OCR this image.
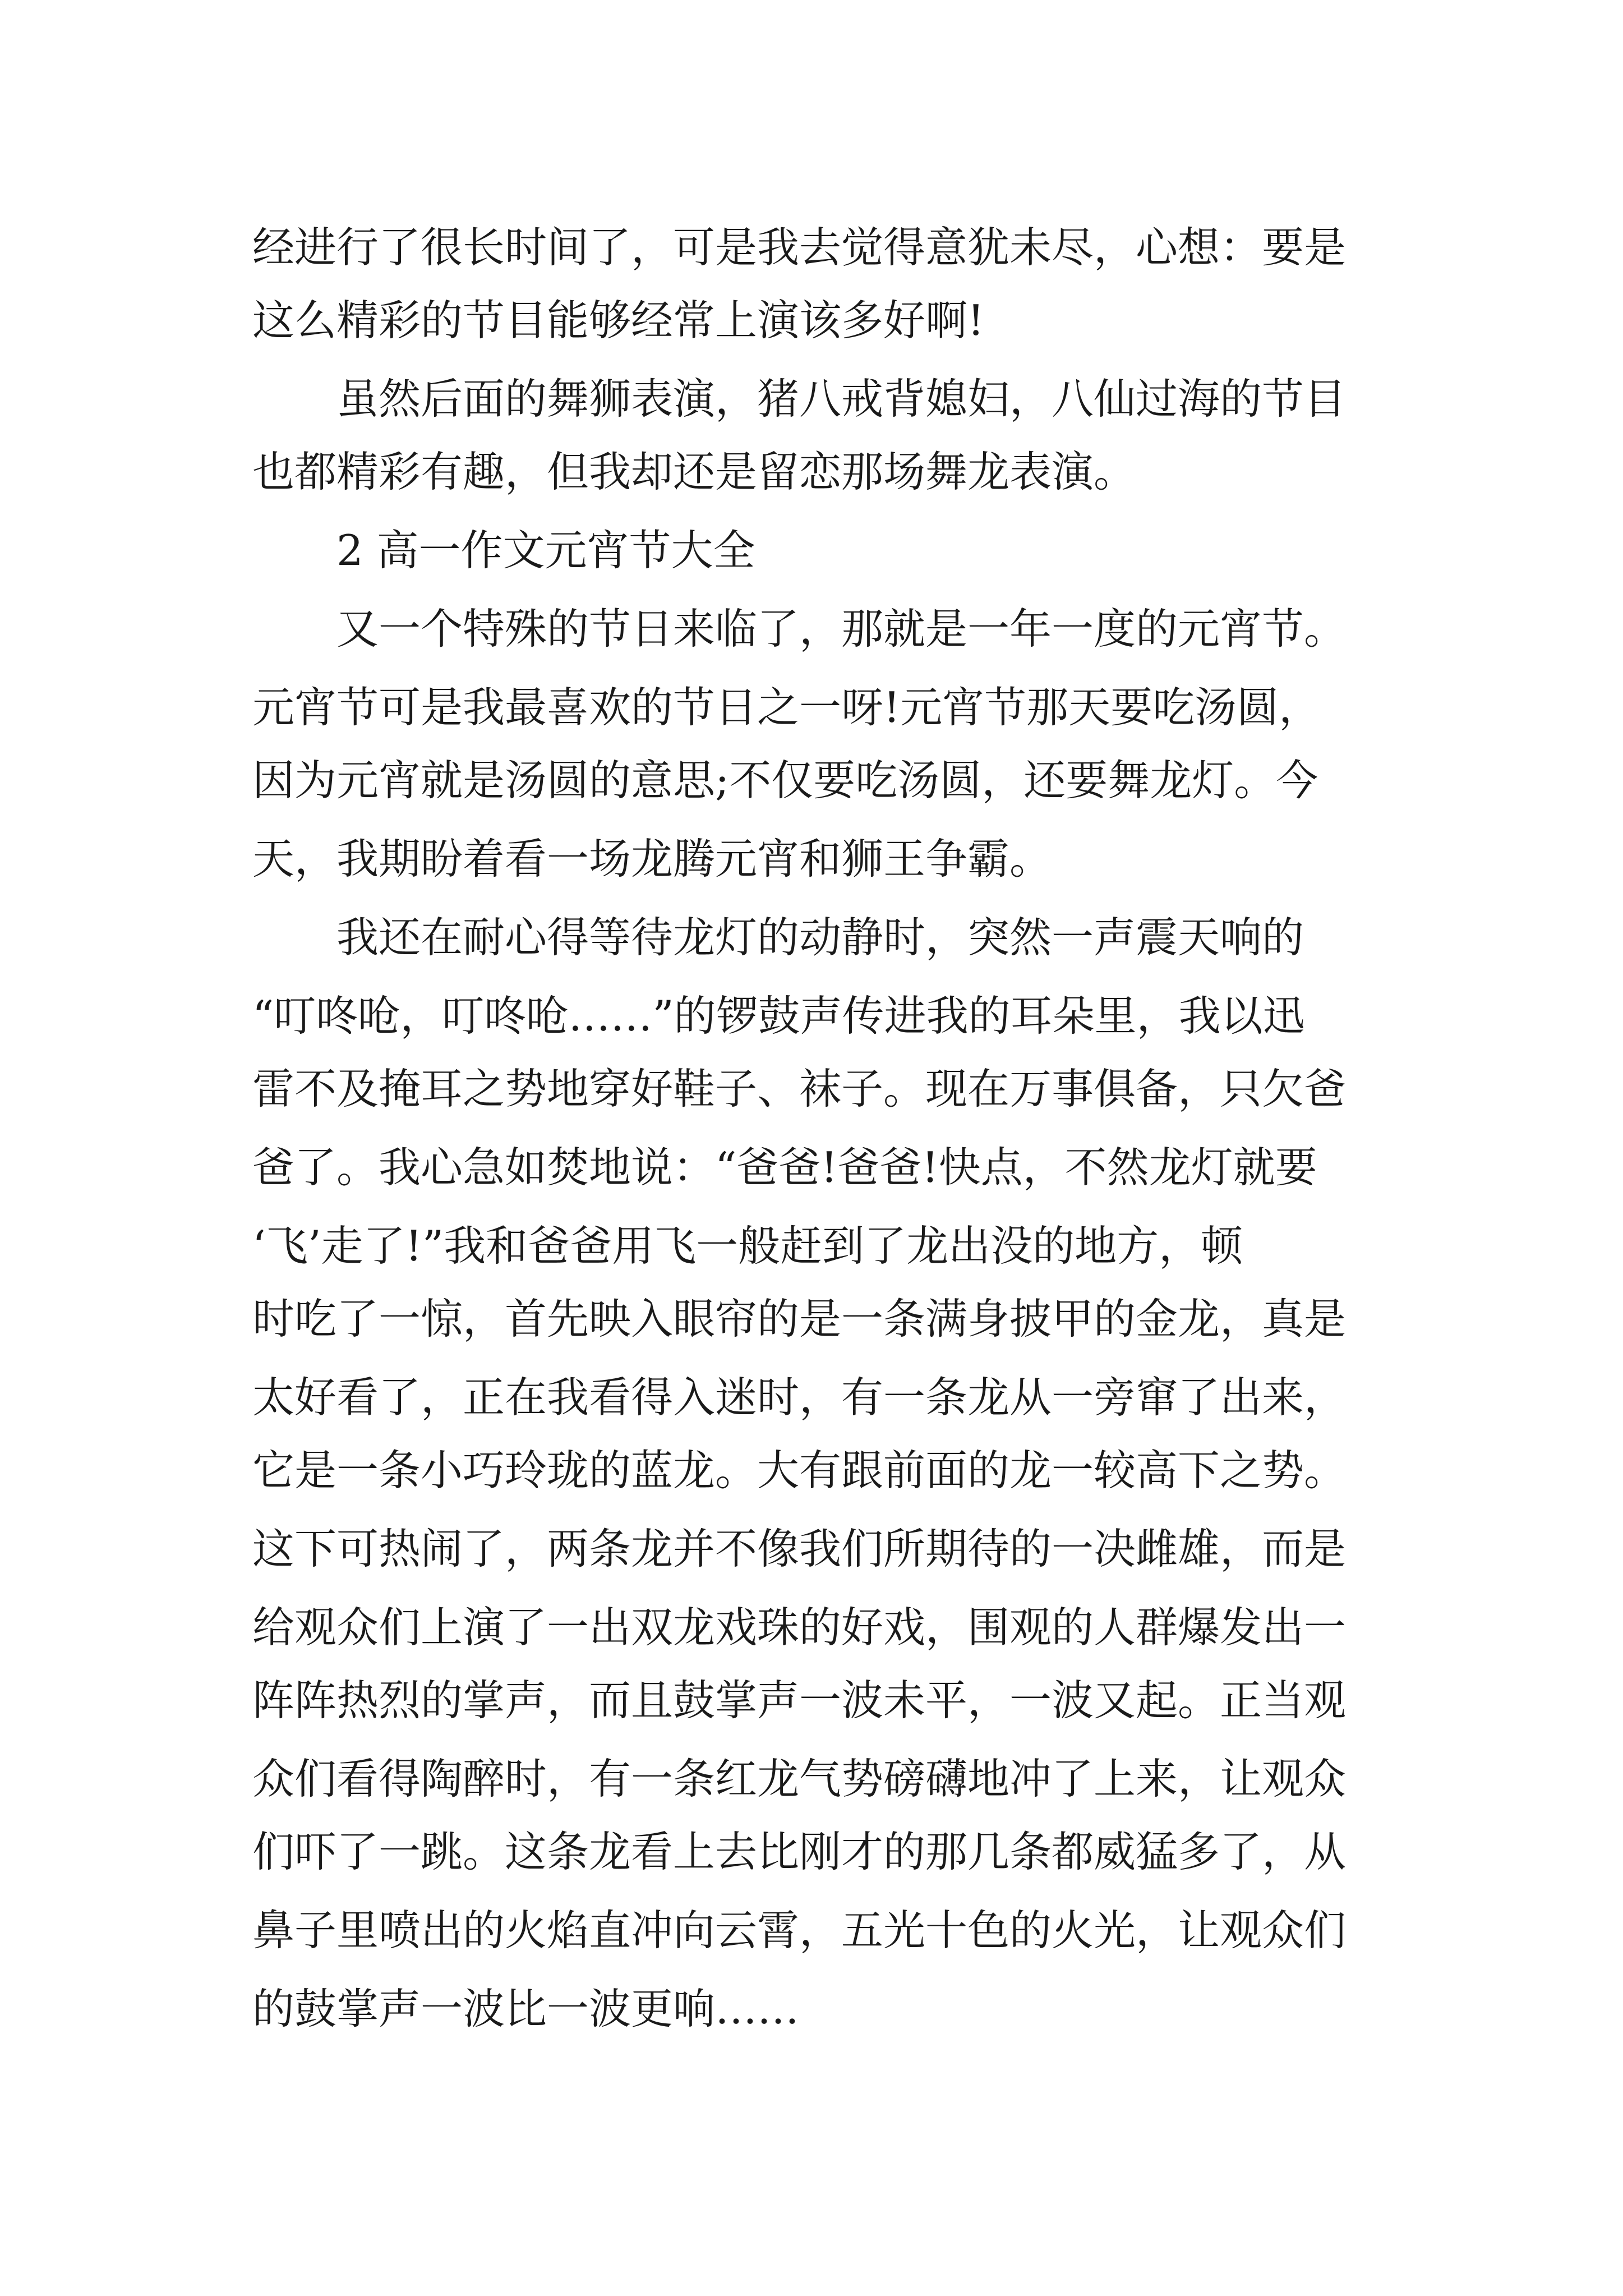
经进行了很长时间了，可是我去觉得意犹未尽，心想：要是
这么精彩的节目能够经常上演该多好啊!
虽然后面的舞狮表演，猪八戒背媳妇，八仙过海的节目
也都精彩有趣，但我却还是留恋那场舞龙表演。
2 高一作文元宵节大全
又一个特殊的节日来临了，那就是一年一度的元宵节。
元宵节可是我最喜欢的节日之一呀!元宵节那天要吃汤圆，
因为元宵就是汤圆的意思;不仅要吃汤圆，还要舞龙灯。今
天，我期盼着看一场龙腾元宵和狮王争霸。
我还在耐心得等待龙灯的动静时，突然一声震天响的
“叮咚呛，叮咚呛……”的锣鼓声传进我的耳朵里，我以迅
雷不及掩耳之势地穿好鞋子、袜子。现在万事俱备，只欠爸
爸了。我心急如焚地说：“爸爸!爸爸!快点，不然龙灯就要
‘飞’走了!”我和爸爸用飞一般赶到了龙出没的地方，顿
时吃了一惊，首先映入眼帘的是一条满身披甲的金龙，真是
太好看了，正在我看得入迷时，有一条龙从一旁窜了出来，
它是一条小巧玲珑的蓝龙。大有跟前面的龙一较高下之势。
这下可热闹了，两条龙并不像我们所期待的一决雌雄，而是
给观众们上演了一出双龙戏珠的好戏，围观的人群爆发出一
阵阵热烈的掌声，而且鼓掌声一波未平，一波又起。正当观
众们看得陶醉时，有一条红龙气势磅礴地冲了上来，让观众
们吓了一跳。这条龙看上去比刚才的那几条都威猛多了，从
鼻子里喷出的火焰直冲向云霄，五光十色的火光，让观众们
的鼓掌声一波比一波更响……
